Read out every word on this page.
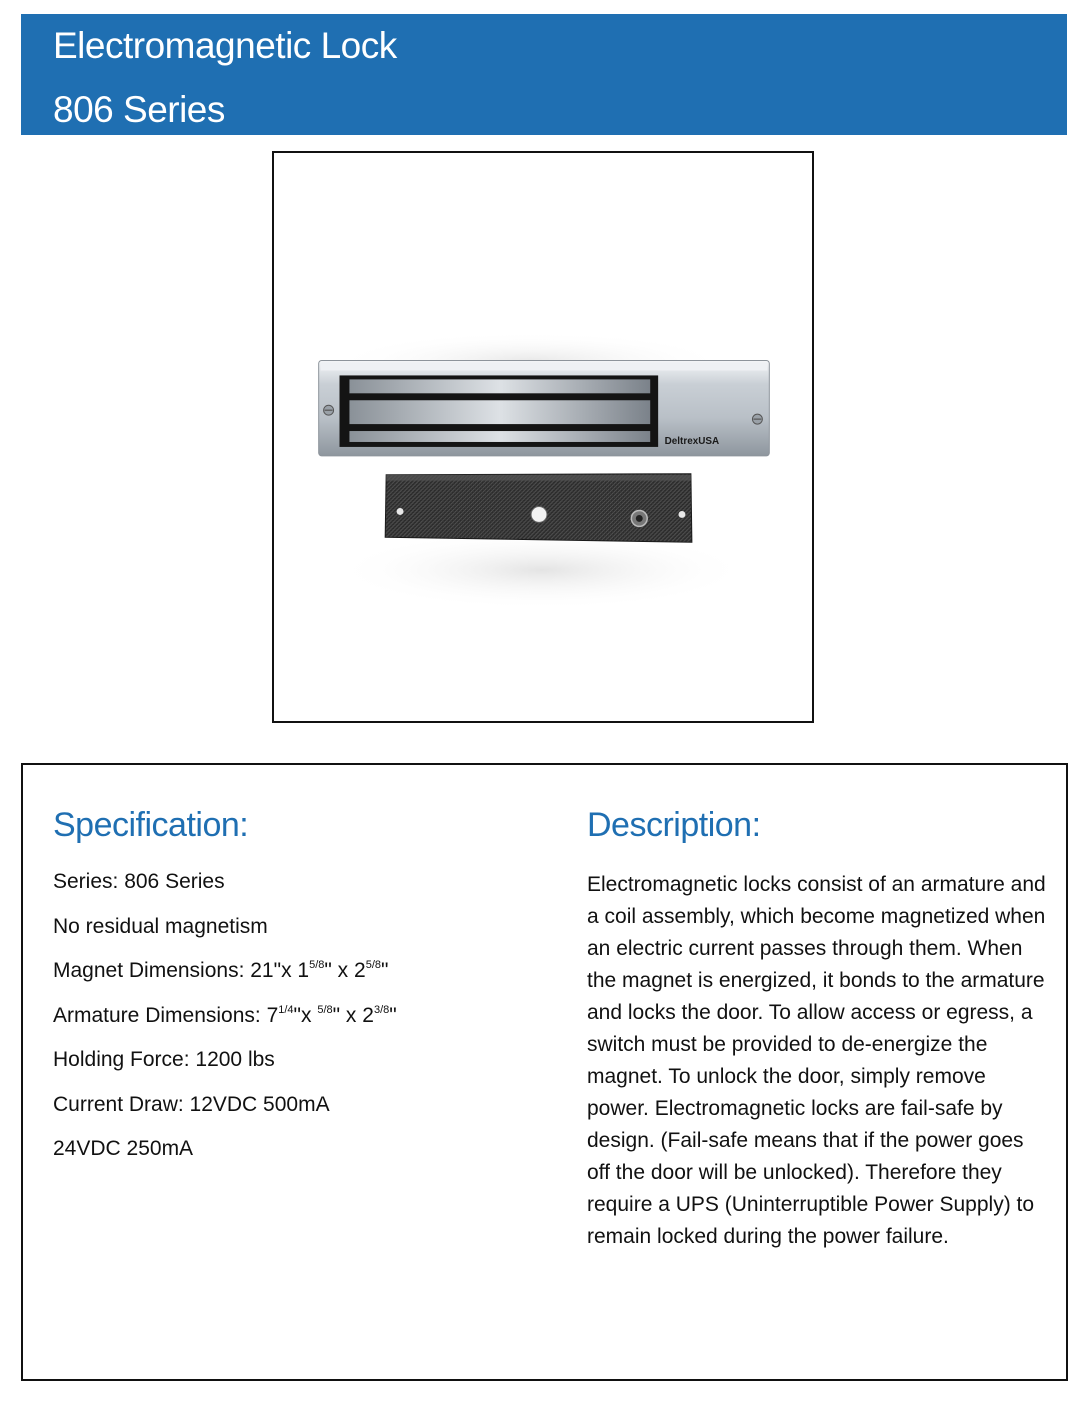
Electromagnetic Lock
806 Series
DeltrexUSA
Specification:
Series: 806 Series
No residual magnetism
Magnet Dimensions: 21"x $1^{5/8}$" x $2^{5/8}$"
Armature Dimensions: $7^{1/4}"x$ $^{5/8}$" x $2^{3/8}$"
Holding Force: 1200 lbs
Current Draw: 12VDC 500mA
24VDC 250mA
Description:

Electromagnetic locks consist of an armature and a coil assembly, which become magnetized when an electric current passes through them. When the magnet is energized, it bonds to the armature and locks the door. To allow access or egress, a switch must be provided to de-energize the magnet. To unlock the door, simply remove power. Electromagnetic locks are fail-safe by design. (Fail-safe means that if the power goes off the door will be unlocked). Therefore they require a UPS (Uninterruptible Power Supply) to remain locked during the power failure.
